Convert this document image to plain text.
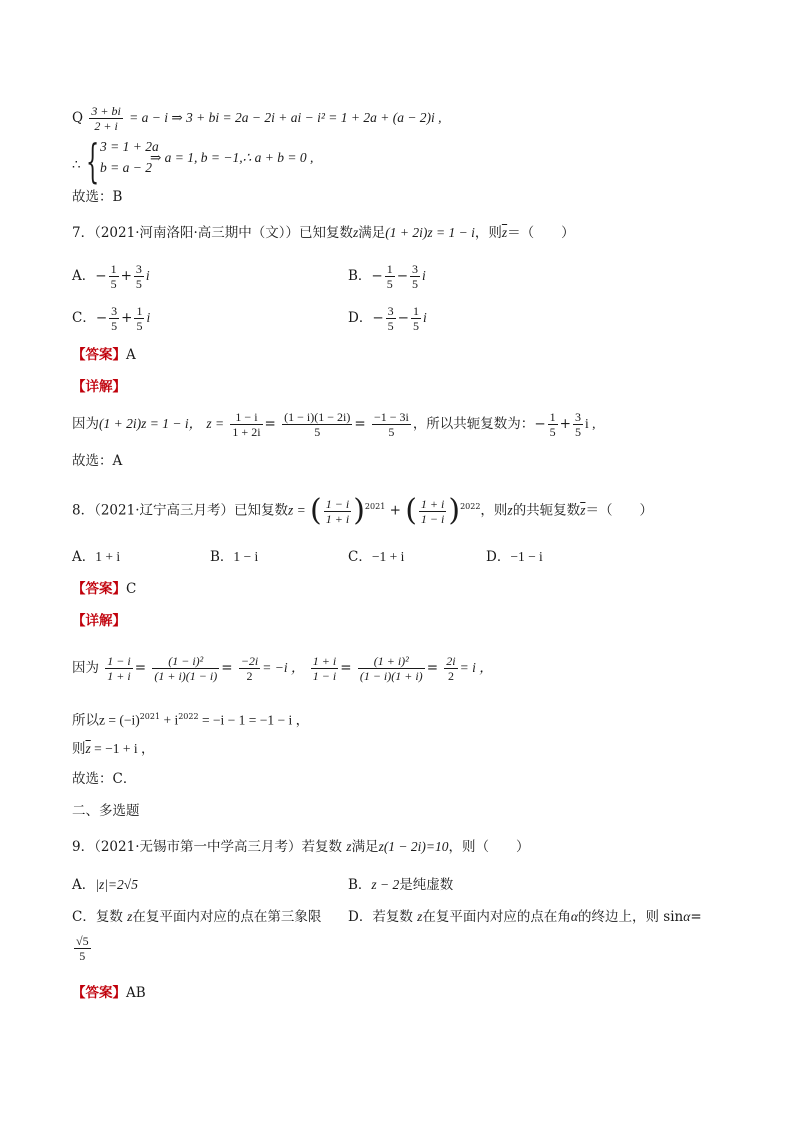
Q $\frac{3 + bi}{2 + i} = a - i$ ⇒ 3 + bi = 2a − 2i + ai − i² = 1 + 2a + (a − 2)i ,
∴ { 3 = 1 + 2a
b = a − 2
⇒ a = 1, b = −1,∴ a + b = 0 ,
故选：B
7．（2021·河南洛阳·高三期中（文））已知复数z满足(1 + 2i)z = 1 − i，则$\overline{z}=$（　　）
A．− $\frac{1}{5} + \frac{3}{5}$ i	B．− $\frac{1}{5} - \frac{3}{5}$ i
C．− $\frac{3}{5} + \frac{1}{5}$ i	D．− $\frac{3}{5} - \frac{1}{5}$ i
【答案】A
【详解】
因为(1 + 2i)z = 1 − i， $z = \frac{1 - i}{1 + 2i} = \frac{(1 - i)(1 - 2i)}{5} = \frac{-1 - 3i}{5}$ ，所以共轭复数为：− $\frac{1}{5} + \frac{3}{5}$ i ,
故选：A
8．（2021·辽宁高三月考）已知复数z = ( $\frac{1 - i}{1 + i} )^{2021}$ + ( $\frac{1 + i}{1 - i} )^{2022}$，则z的共轭复数$\overline{z}=$（　　）
A．1 + i	B．1 − i	C．−1 + i	D．−1 − i
【答案】C
【详解】
因为 $\frac{1 - i}{1 + i} = \frac{\text{(1 − i)²}}{(1 + i)(1 - i)} = \frac{-2i}{2} = -i$ ， $\frac{1 + i}{1 - i} = \frac{\text{(1 + i)²}}{(1 - i)(1 + i)} = \frac{2i}{2} = i$ ，
所以$z = (-i)^{2021} + i^{2022} = -i - 1 = -1 - i$ ，
则$\overline{z} = -1 + i$ ，
故选：C．
二、多选题
9．（2021·无锡市第一中学高三月考）若复数 z满足z(1 − 2i)=10，则（　　）
A．|z|=2√5	B．z − 2是纯虚数
C．复数 z在复平面内对应的点在第三象限 D．若复数 z在复平面内对应的点在角α的终边上，则 sinα=
$\frac{√5}{5}$
【答案】AB
